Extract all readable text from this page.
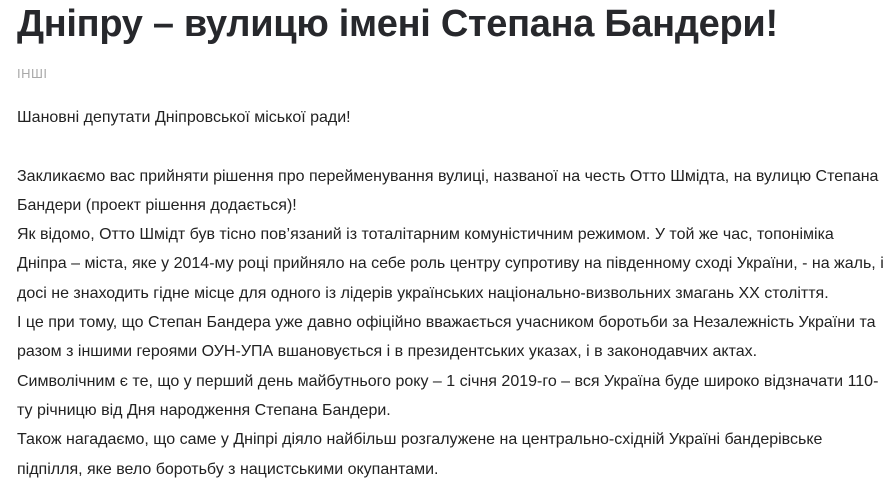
Дніпру – вулицю імені Степана Бандери!
ІНШІ

Шановні депутати Дніпровської міської ради!

Закликаємо вас прийняти рішення про перейменування вулиці, названої на честь Отто Шмідта, на вулицю Степана Бандери (проект рішення додається)!

Як відомо, Отто Шмідт був тісно пов’язаний із тоталітарним комуністичним режимом. У той же час, топоніміка Дніпра – міста, яке у 2014-му році прийняло на себе роль центру супротиву на південному сході України, - на жаль, і досі не знаходить гідне місце для одного із лідерів українських національно-визвольних змагань ХХ століття.

І це при тому, що Степан Бандера уже давно офіційно вважається учасником боротьби за Незалежність України та разом з іншими героями ОУН-УПА вшановується і в президентських указах, і в законодавчих актах.

Символічним є те, що у перший день майбутнього року – 1 січня 2019-го – вся Україна буде широко відзначати 110-ту річницю від Дня народження Степана Бандери.

Також нагадаємо, що саме у Дніпрі діяло найбільш розгалужене на центрально-східній Україні бандерівське підпілля, яке вело боротьбу з нацистськими окупантами.
